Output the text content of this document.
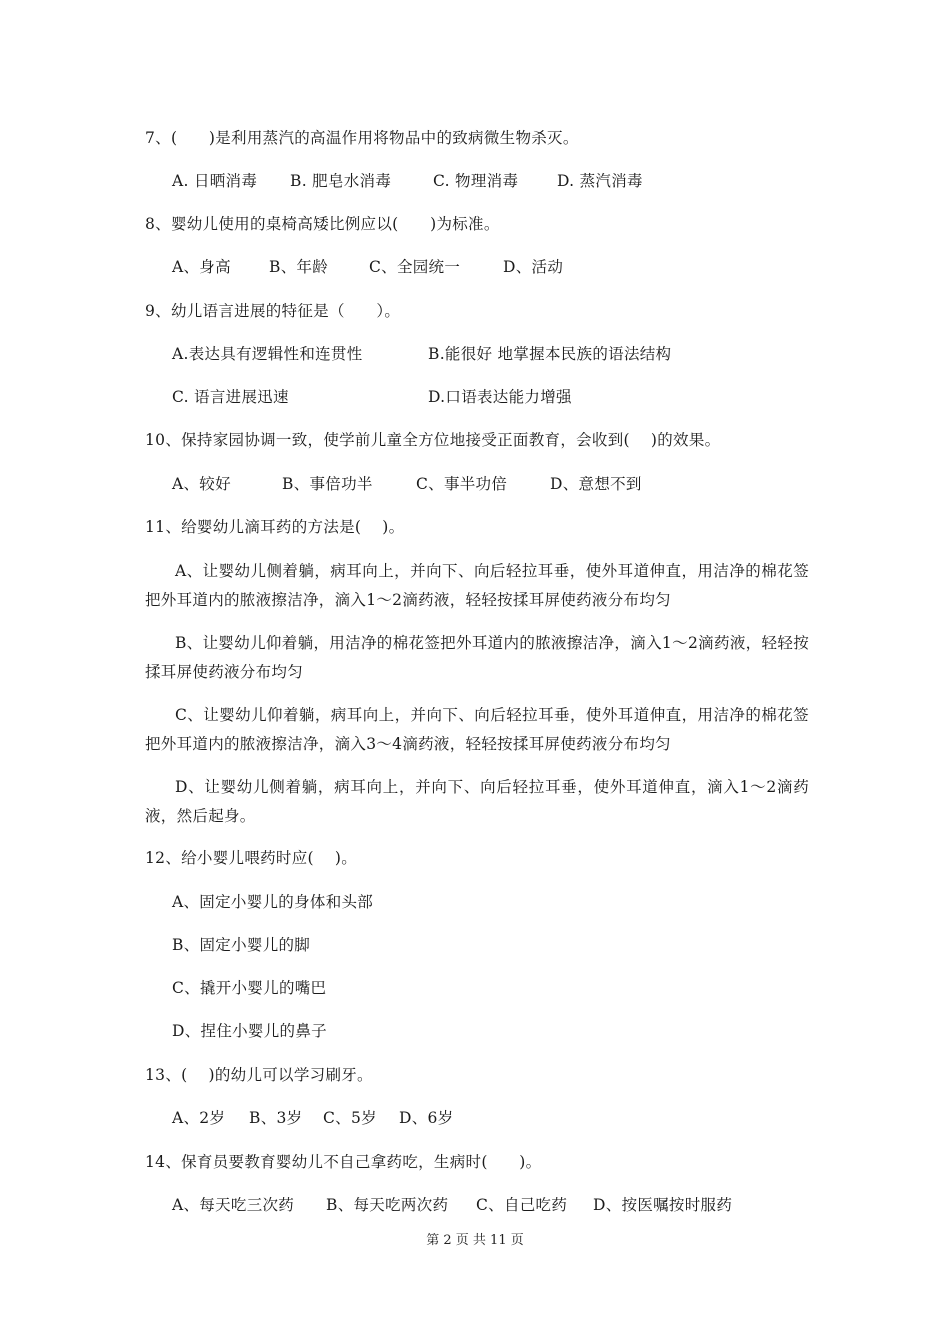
7、(　　)是利用蒸汽的高温作用将物品中的致病微生物杀灭。
A. 日晒消毒 B. 肥皂水消毒	C. 物理消毒 D. 蒸汽消毒
8、婴幼儿使用的桌椅高矮比例应以(　　)为标准。
A、身高 B、年龄	C、全园统一	D、活动
9、幼儿语言进展的特征是（　　）。
A.表达具有逻辑性和连贯性	B.能很好 地掌握本民族的语法结构
C. 语言进展迅速	D.口语表达能力增强
10、保持家园协调一致，使学前儿童全方位地接受正面教育，会收到(　 )的效果。
A、较好	B、事倍功半	C、事半功倍	D、意想不到
11、给婴幼儿滴耳药的方法是(　 )。
A、让婴幼儿侧着躺，病耳向上，并向下、向后轻拉耳垂，使外耳道伸直，用洁净的棉花签把外耳道内的脓液擦洁净，滴入1～2滴药液，轻轻按揉耳屏使药液分布均匀
B、让婴幼儿仰着躺，用洁净的棉花签把外耳道内的脓液擦洁净，滴入1～2滴药液，轻轻按揉耳屏使药液分布均匀
C、让婴幼儿仰着躺，病耳向上，并向下、向后轻拉耳垂，使外耳道伸直，用洁净的棉花签把外耳道内的脓液擦洁净，滴入3～4滴药液，轻轻按揉耳屏使药液分布均匀
D、让婴幼儿侧着躺，病耳向上，并向下、向后轻拉耳垂，使外耳道伸直，滴入1～2滴药液，然后起身。
12、给小婴儿喂药时应(　 )。
A、固定小婴儿的身体和头部
B、固定小婴儿的脚
C、撬开小婴儿的嘴巴
D、捏住小婴儿的鼻子
13、(　 )的幼儿可以学习刷牙。
A、2岁 B、3岁 C、5岁 D、6岁
14、保育员要教育婴幼儿不自己拿药吃，生病时(　　)。
A、每天吃三次药 B、每天吃两次药 C、自己吃药 D、按医嘱按时服药
第 2 页 共 11 页
